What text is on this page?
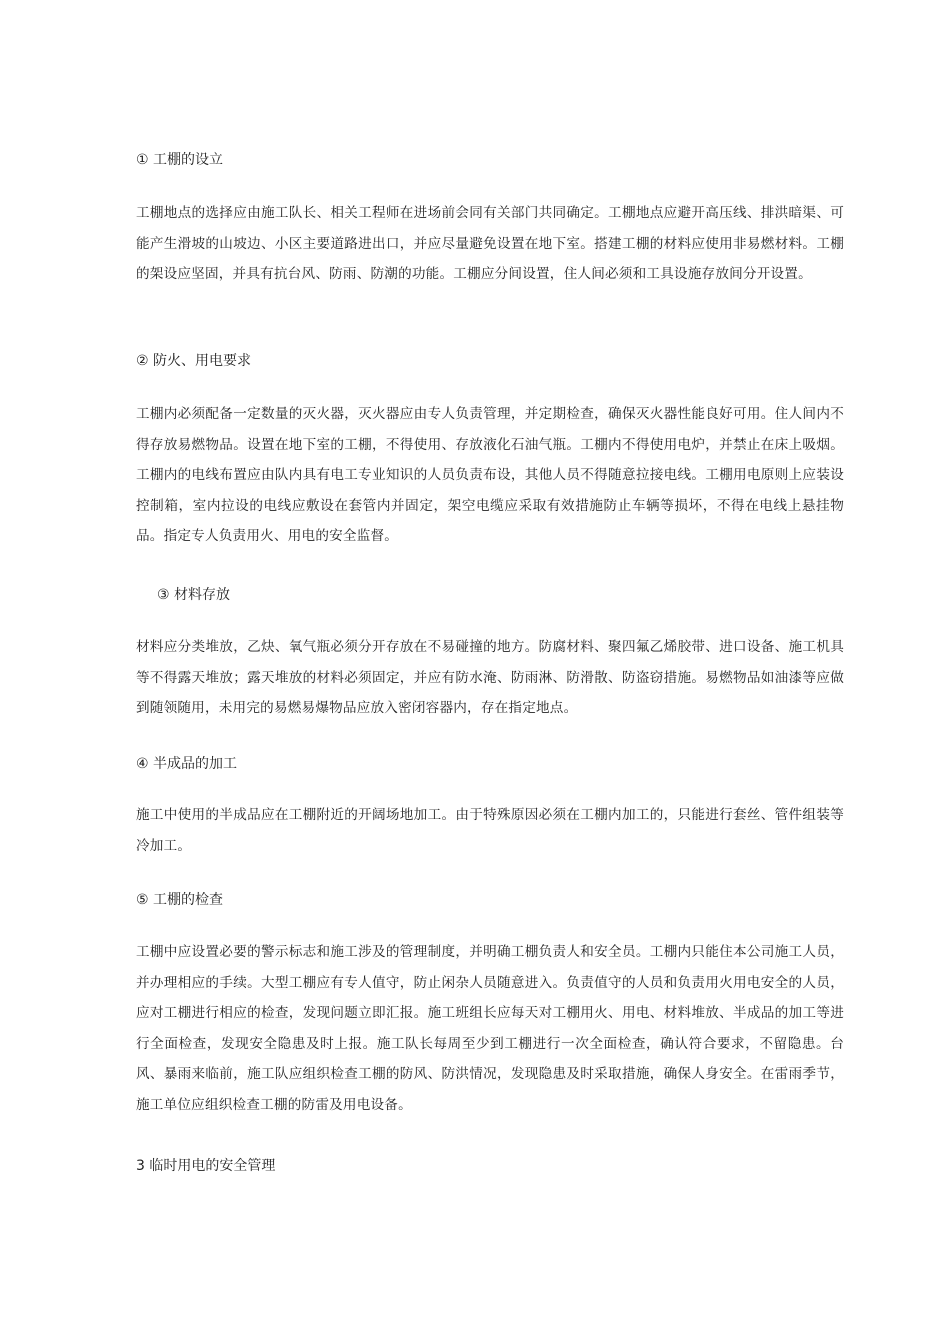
① 工棚的设立
工棚地点的选择应由施工队长、相关工程师在进场前会同有关部门共同确定。工棚地点应避开高压线、排洪暗渠、可能产生滑坡的山坡边、小区主要道路进出口，并应尽量避免设置在地下室。搭建工棚的材料应使用非易燃材料。工棚的架设应坚固，并具有抗台风、防雨、防潮的功能。工棚应分间设置，住人间必须和工具设施存放间分开设置。
② 防火、用电要求
工棚内必须配备一定数量的灭火器，灭火器应由专人负责管理，并定期检查，确保灭火器性能良好可用。住人间内不得存放易燃物品。设置在地下室的工棚，不得使用、存放液化石油气瓶。工棚内不得使用电炉，并禁止在床上吸烟。工棚内的电线布置应由队内具有电工专业知识的人员负责布设，其他人员不得随意拉接电线。工棚用电原则上应装设控制箱，室内拉设的电线应敷设在套管内并固定，架空电缆应采取有效措施防止车辆等损坏，不得在电线上悬挂物品。指定专人负责用火、用电的安全监督。
③ 材料存放
材料应分类堆放，乙炔、氧气瓶必须分开存放在不易碰撞的地方。防腐材料、聚四氟乙烯胶带、进口设备、施工机具等不得露天堆放；露天堆放的材料必须固定，并应有防水淹、防雨淋、防滑散、防盗窃措施。易燃物品如油漆等应做到随领随用，未用完的易燃易爆物品应放入密闭容器内，存在指定地点。
④ 半成品的加工
施工中使用的半成品应在工棚附近的开阔场地加工。由于特殊原因必须在工棚内加工的，只能进行套丝、管件组装等冷加工。
⑤ 工棚的检查
工棚中应设置必要的警示标志和施工涉及的管理制度，并明确工棚负责人和安全员。工棚内只能住本公司施工人员，并办理相应的手续。大型工棚应有专人值守，防止闲杂人员随意进入。负责值守的人员和负责用火用电安全的人员，应对工棚进行相应的检查，发现问题立即汇报。施工班组长应每天对工棚用火、用电、材料堆放、半成品的加工等进行全面检查，发现安全隐患及时上报。施工队长每周至少到工棚进行一次全面检查，确认符合要求，不留隐患。台风、暴雨来临前，施工队应组织检查工棚的防风、防洪情况，发现隐患及时采取措施，确保人身安全。在雷雨季节，施工单位应组织检查工棚的防雷及用电设备。
3 临时用电的安全管理
